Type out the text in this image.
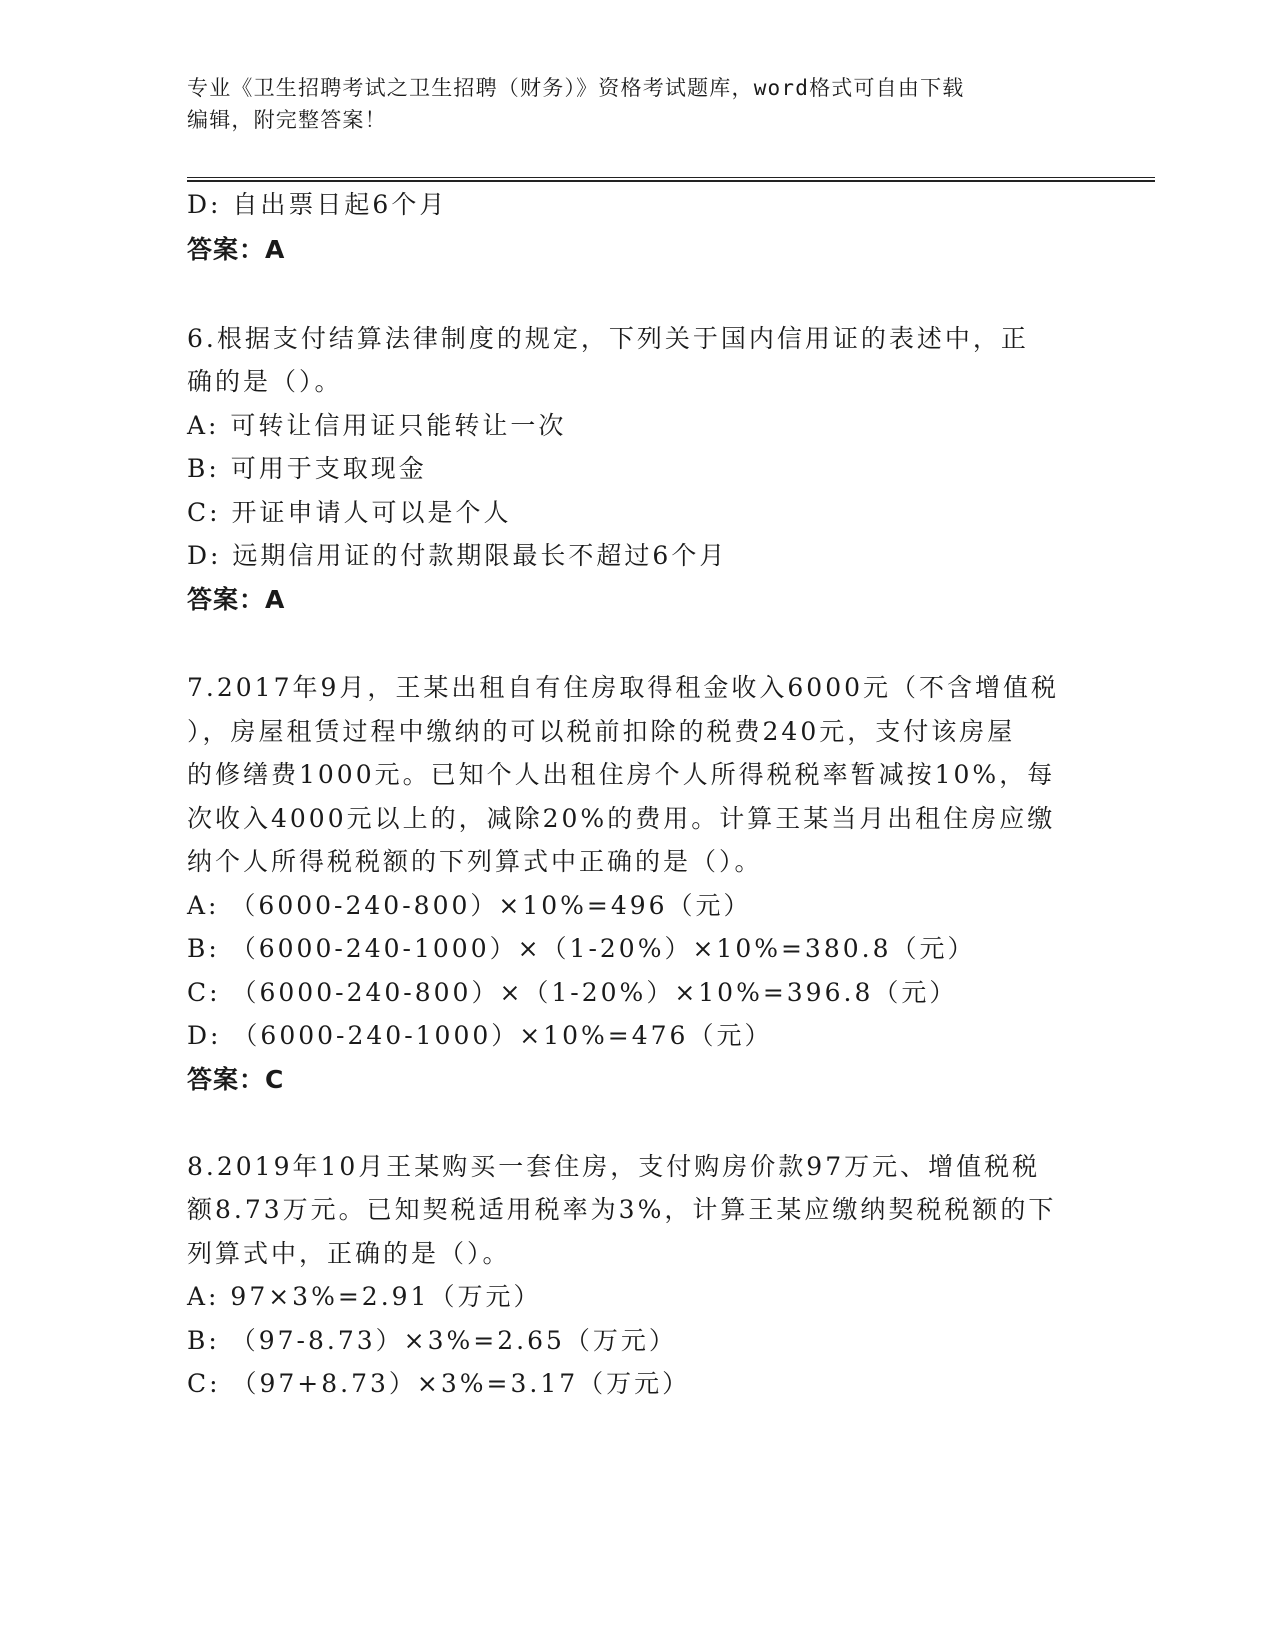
专业《卫生招聘考试之卫生招聘（财务）》资格考试题库，word格式可自由下载
编辑，附完整答案！
D: 自出票日起6个月
答案：A
6.根据支付结算法律制度的规定，下列关于国内信用证的表述中，正
确的是（）。
A: 可转让信用证只能转让一次
B: 可用于支取现金
C: 开证申请人可以是个人
D: 远期信用证的付款期限最长不超过6个月
答案：A
7.2017年9月，王某出租自有住房取得租金收入6000元（不含增值税
），房屋租赁过程中缴纳的可以税前扣除的税费240元，支付该房屋
的修缮费1000元。已知个人出租住房个人所得税税率暂减按10%，每
次收入4000元以上的，减除20%的费用。计算王某当月出租住房应缴
纳个人所得税税额的下列算式中正确的是（）。
A: （6000-240-800）×10%=496（元）
B: （6000-240-1000）×（1-20%）×10%=380.8（元）
C: （6000-240-800）×（1-20%）×10%=396.8（元）
D: （6000-240-1000）×10%=476（元）
答案：C
8.2019年10月王某购买一套住房，支付购房价款97万元、增值税税
额8.73万元。已知契税适用税率为3%，计算王某应缴纳契税税额的下
列算式中，正确的是（）。
A: 97×3%=2.91（万元）
B: （97-8.73）×3%=2.65（万元）
C: （97+8.73）×3%=3.17（万元）
